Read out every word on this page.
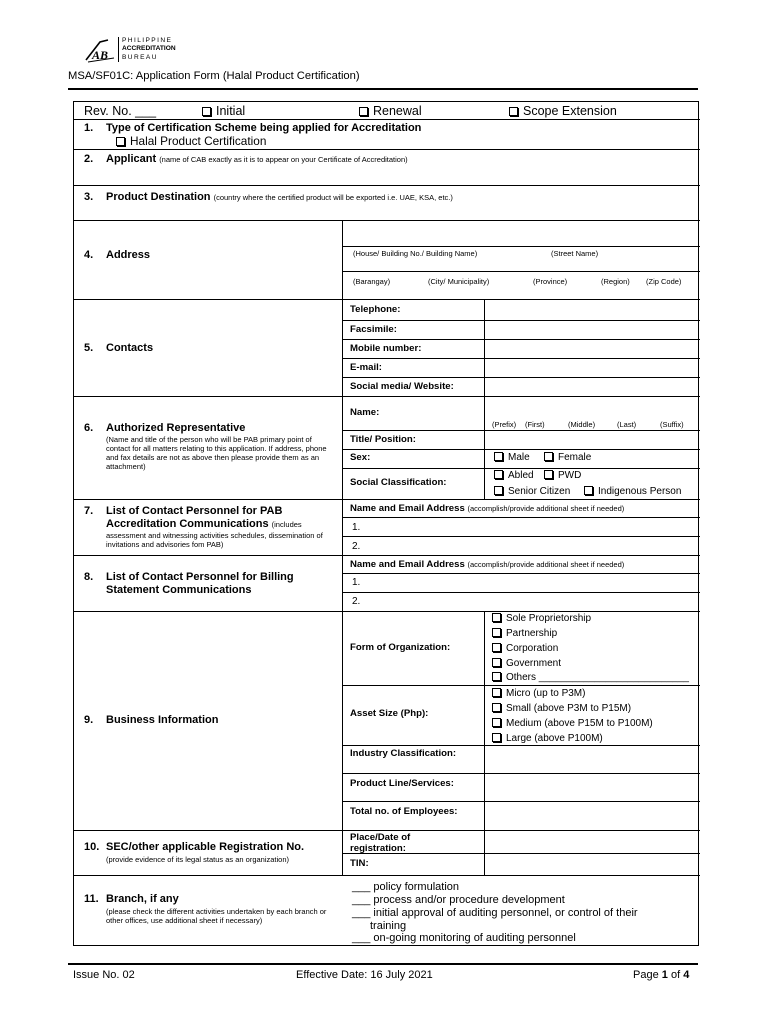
AB
PHILIPPINE
ACCREDITATION
BUREAU
MSA/SF01C: Application Form (Halal Product Certification)
Rev. No. ___	Initial	Renewal	Scope Extension
1. Type of Certification Scheme being applied for Accreditation
Halal Product Certification
2. Applicant (name of CAB exactly as it is to appear on your Certificate of Accreditation)
3. Product Destination (country where the certified product will be exported i.e. UAE, KSA, etc.)
4. Address	(House/ Building No./ Building Name)	(Street Name)
(Barangay)	(City/ Municipality)	(Province)	(Region) (Zip Code)
5. Contacts
Telephone:
Facsimile:
Mobile number:
E-mail:
Social media/ Website:
6. Authorized Representative
(Name and title of the person who will be PAB primary point of contact for all matters relating to this application. If address, phone and fax details are not as above then please provide them as an attachment)
Name:
(Prefix) (First)	(Middle)	(Last)	(Suffix)
Title/ Position:
Sex:	Male	Female
Social Classification:
Abled	PWD
Senior Citizen	Indigenous Person
7. List of Contact Personnel for PAB
Accreditation Communications (includes
assessment and witnessing activities schedules, dissemination of invitations and advisories fom PAB)
Name and Email Address (accomplish/provide additional sheet if needed)
1.
2.
8. List of Contact Personnel for Billing
Statement Communications
Name and Email Address (accomplish/provide additional sheet if needed)
1.
2.
9. Business Information
Form of Organization:
Sole Proprietorship
Partnership
Corporation
Government
Others ___________________________
Asset Size (Php):
Micro (up to P3M)
Small (above P3M to P15M)
Medium (above P15M to P100M)
Large (above P100M)
Industry Classification:
Product Line/Services:
Total no. of Employees:
10. SEC/other applicable Registration No.
(provide evidence of its legal status as an organization)
Place/Date of
registration:
TIN:
11. Branch, if any
(please check the different activities undertaken by each branch or other offices, use additional sheet if necessary)
___ policy formulation
___ process and/or procedure development
___ initial approval of auditing personnel, or control of their
training
___ on-going monitoring of auditing personnel
Issue No. 02	Effective Date: 16 July 2021	Page 1 of 4
